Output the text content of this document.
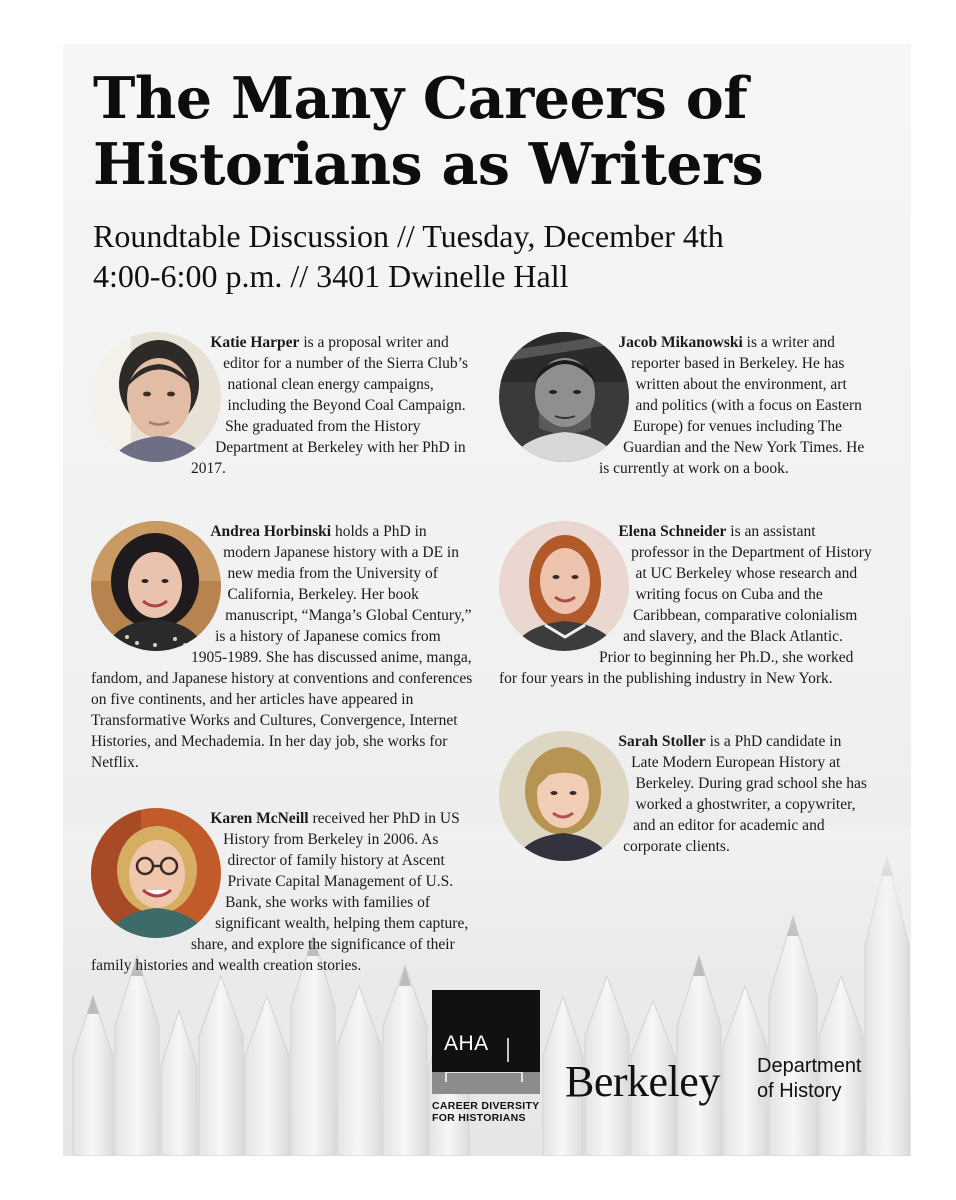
The Many Careers of
Historians as Writers

Roundtable Discussion // Tuesday, December 4th
4:00-6:00 p.m. // 3401 Dwinelle Hall

Katie Harper is a proposal writer and editor for a number of the Sierra Club’s national clean energy campaigns, including the Beyond Coal Campaign. She graduated from the History Department at Berkeley with her PhD in 2017.
Jacob Mikanowski is a writer and reporter based in Berkeley. He has written about the environment, art and politics (with a focus on Eastern Europe) for venues including The Guardian and the New York Times. He is currently at work on a book.
Andrea Horbinski holds a PhD in modern Japanese history with a DE in new media from the University of California, Berkeley. Her book manuscript, “Manga’s Global Century,” is a history of Japanese comics from 1905-1989. She has discussed anime, manga, fandom, and Japanese history at conventions and conferences on five continents, and her articles have appeared in Transformative Works and Cultures, Convergence, Internet Histories, and Mechademia. In her day job, she works for Netflix.
Elena Schneider is an assistant professor in the Department of History at UC Berkeley whose research and writing focus on Cuba and the Caribbean, comparative colonialism and slavery, and the Black Atlantic. Prior to beginning her Ph.D., she worked for four years in the publishing industry in New York.
Karen McNeill received her PhD in US History from Berkeley in 2006. As director of family history at Ascent Private Capital Management of U.S. Bank, she works with families of significant wealth, helping them capture, share, and explore the significance of their family histories and wealth creation stories.
Sarah Stoller is a PhD candidate in Late Modern European History at Berkeley. During grad school she has worked a ghostwriter, a copywriter, and an editor for academic and corporate clients.
AHA
CAREER DIVERSITY
FOR HISTORIANS
Berkeley Department
of History
